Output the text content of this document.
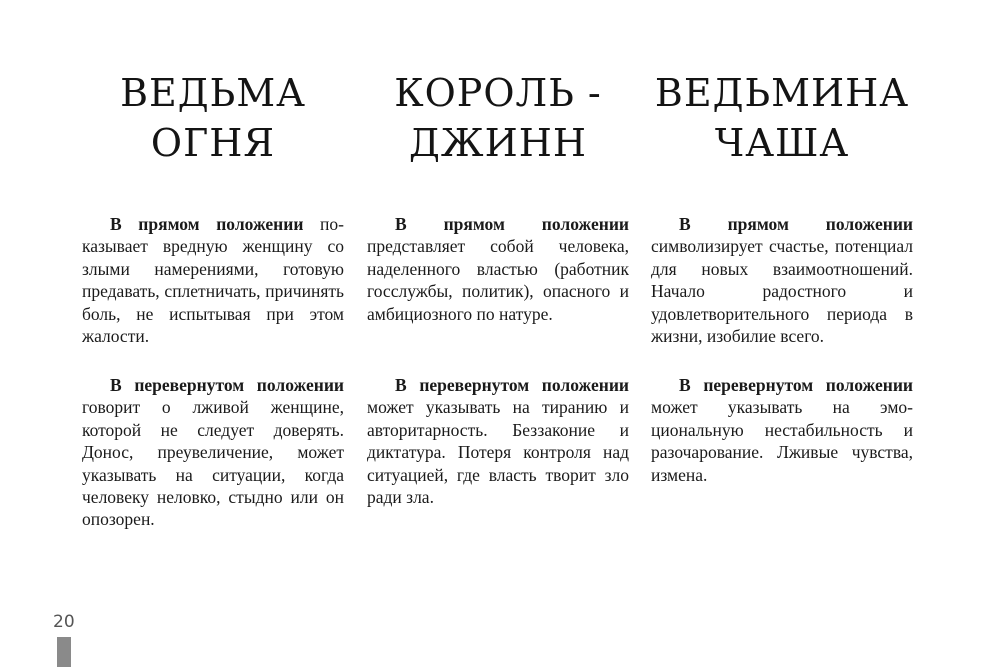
ВЕДЬМА
ОГНЯ

В прямом положении показывает вредную женщину со злыми намерениями, готовую предавать, сплетничать, причинять боль, не испытывая при этом жалости.

В перевернутом положении говорит о лживой женщине, которой не следует доверять. Донос, преувеличение, может указывать на ситуации, когда человеку неловко, стыдно или он опозорен.

КОРОЛЬ -
ДЖИНН

В прямом положении представляет собой человека, наделенного властью (работник госслужбы, политик), опасного и амбициозного по натуре.

В перевернутом положении может указывать на тиранию и авторитарность. Беззаконие и диктатура. Потеря контроля над ситуацией, где власть творит зло ради зла.

ВЕДЬМИНА
ЧАША

В прямом положении символизирует счастье, потенциал для новых взаимоотношений. Начало радостного и удовлетворительного периода в жизни, изобилие всего.

В перевернутом положении может указывать на эмоциональную нестабильность и разочарование. Лживые чувства, измена.

20
